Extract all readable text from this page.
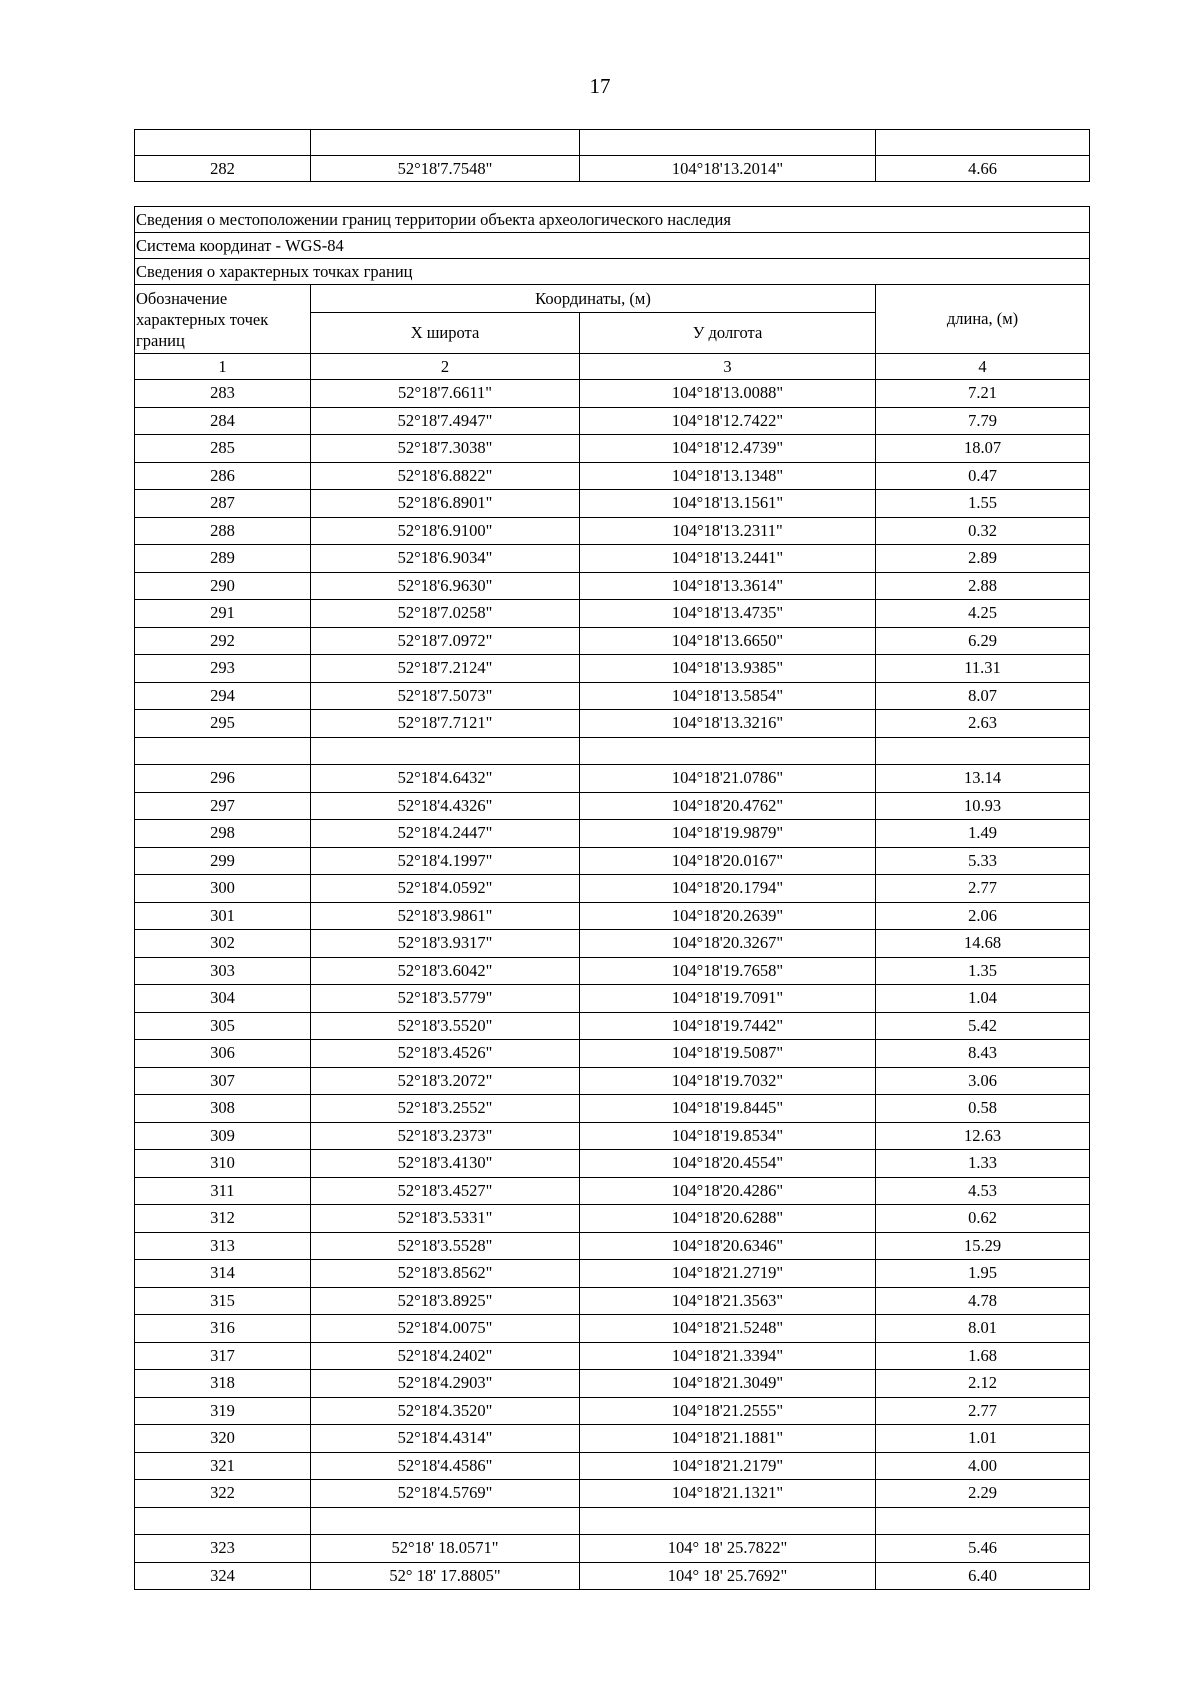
17

282	52°18'7.7548"	104°18'13.2014"	4.66
Сведения о местоположении границ территории объекта археологического наследия			
Система координат - WGS-84			
Сведения о характерных точках границ			
Обозначение характерных точек границ	Координаты, (м)		длина, (м)
	X широта	У долгота	
1	2	3	4
283	52°18'7.6611"	104°18'13.0088"	7.21
284	52°18'7.4947"	104°18'12.7422"	7.79
285	52°18'7.3038"	104°18'12.4739"	18.07
286	52°18'6.8822"	104°18'13.1348"	0.47
287	52°18'6.8901"	104°18'13.1561"	1.55
288	52°18'6.9100"	104°18'13.2311"	0.32
289	52°18'6.9034"	104°18'13.2441"	2.89
290	52°18'6.9630"	104°18'13.3614"	2.88
291	52°18'7.0258"	104°18'13.4735"	4.25
292	52°18'7.0972"	104°18'13.6650"	6.29
293	52°18'7.2124"	104°18'13.9385"	11.31
294	52°18'7.5073"	104°18'13.5854"	8.07
295	52°18'7.7121"	104°18'13.3216"	2.63

296	52°18'4.6432"	104°18'21.0786"	13.14
297	52°18'4.4326"	104°18'20.4762"	10.93
298	52°18'4.2447"	104°18'19.9879"	1.49
299	52°18'4.1997"	104°18'20.0167"	5.33
300	52°18'4.0592"	104°18'20.1794"	2.77
301	52°18'3.9861"	104°18'20.2639"	2.06
302	52°18'3.9317"	104°18'20.3267"	14.68
303	52°18'3.6042"	104°18'19.7658"	1.35
304	52°18'3.5779"	104°18'19.7091"	1.04
305	52°18'3.5520"	104°18'19.7442"	5.42
306	52°18'3.4526"	104°18'19.5087"	8.43
307	52°18'3.2072"	104°18'19.7032"	3.06
308	52°18'3.2552"	104°18'19.8445"	0.58
309	52°18'3.2373"	104°18'19.8534"	12.63
310	52°18'3.4130"	104°18'20.4554"	1.33
311	52°18'3.4527"	104°18'20.4286"	4.53
312	52°18'3.5331"	104°18'20.6288"	0.62
313	52°18'3.5528"	104°18'20.6346"	15.29
314	52°18'3.8562"	104°18'21.2719"	1.95
315	52°18'3.8925"	104°18'21.3563"	4.78
316	52°18'4.0075"	104°18'21.5248"	8.01
317	52°18'4.2402"	104°18'21.3394"	1.68
318	52°18'4.2903"	104°18'21.3049"	2.12
319	52°18'4.3520"	104°18'21.2555"	2.77
320	52°18'4.4314"	104°18'21.1881"	1.01
321	52°18'4.4586"	104°18'21.2179"	4.00
322	52°18'4.5769"	104°18'21.1321"	2.29

323	52°18' 18.0571"	104° 18' 25.7822"	5.46
324	52° 18' 17.8805"	104° 18' 25.7692"	6.40
